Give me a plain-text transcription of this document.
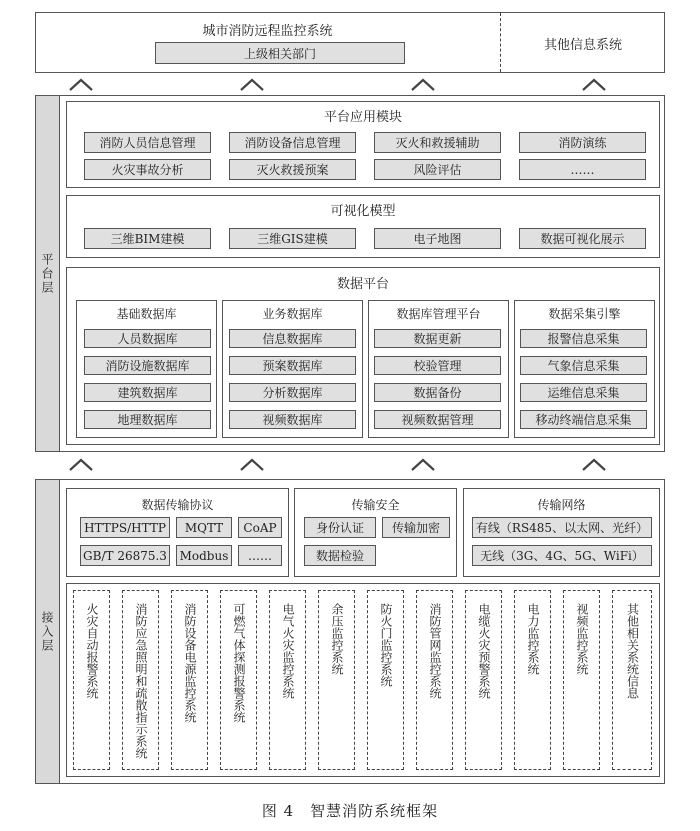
城市消防远程监控系统
上级相关部门
其他信息系统
平台层
平台应用模块
消防人员信息管理	消防设备信息管理	灭火和救援辅助	消防演练
火灾事故分析	灭火救援预案	风险评估	……
可视化模型
三维BIM建模	三维GIS建模	电子地图	数据可视化展示
数据平台
基础数据库
人员数据库
消防设施数据库
建筑数据库
地理数据库
业务数据库
信息数据库
预案数据库
分析数据库
视频数据库
数据库管理平台
数据更新
校验管理
数据备份
视频数据管理
数据采集引擎
报警信息采集
气象信息采集
运维信息采集
移动终端信息采集
接入层
数据传输协议
HTTPS/HTTP	MQTT	CoAP
GB/T 26875.3	Modbus	……
传输安全
身份认证	传输加密
数据检验
传输网络
有线（RS485、以太网、光纤）
无线（3G、4G、5G、WiFi）
火灾自动报警系统	消防应急照明和疏散指示系统	消防设备电源监控系统	可燃气体探测报警系统	电气火灾监控系统	余压监控系统	防火门监控系统	消防管网监控系统	电缆火灾预警系统	电力监控系统	视频监控系统	其他相关系统信息
图 4　智慧消防系统框架
